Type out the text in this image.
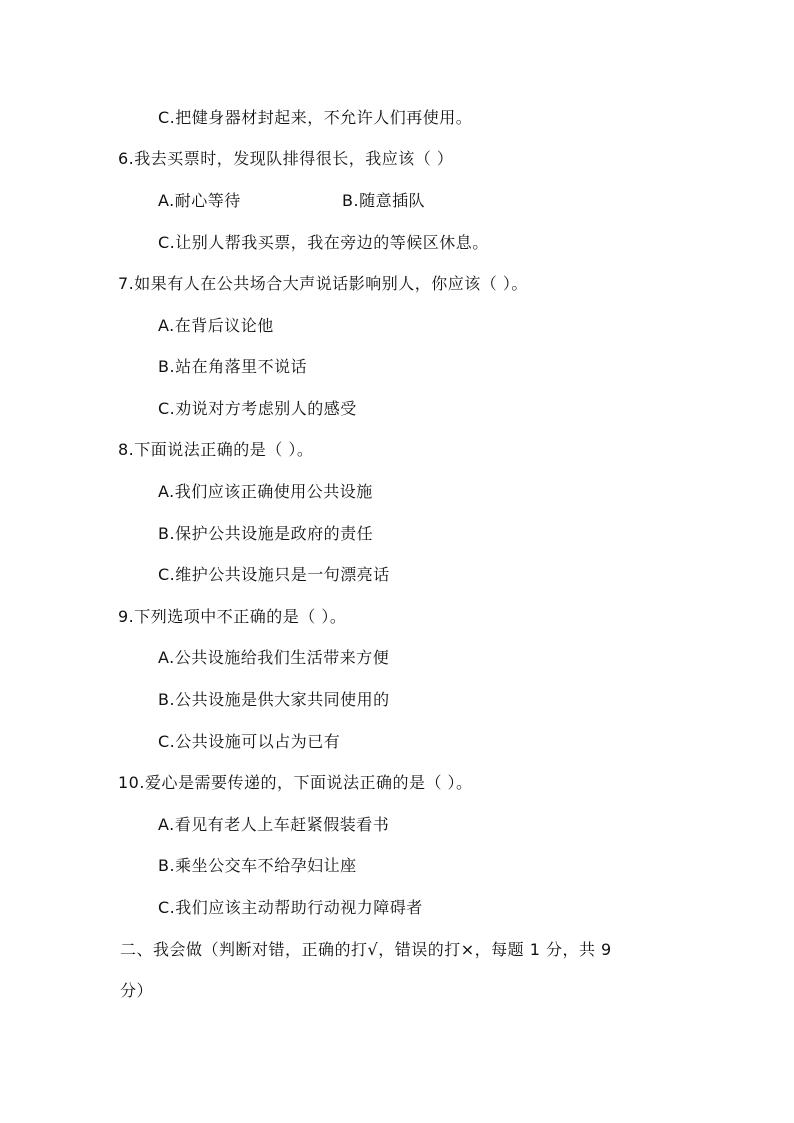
C.把健身器材封起来，不允许人们再使用。
6.我去买票时，发现队排得很长，我应该（ ）
A.耐心等待	B.随意插队
C.让别人帮我买票，我在旁边的等候区休息。
7.如果有人在公共场合大声说话影响别人，你应该（ ）。
A.在背后议论他
B.站在角落里不说话
C.劝说对方考虑别人的感受
8.下面说法正确的是（ ）。
A.我们应该正确使用公共设施
B.保护公共设施是政府的责任
C.维护公共设施只是一句漂亮话
9.下列选项中不正确的是（ ）。
A.公共设施给我们生活带来方便
B.公共设施是供大家共同使用的
C.公共设施可以占为已有
10.爱心是需要传递的，下面说法正确的是（ ）。
A.看见有老人上车赶紧假装看书
B.乘坐公交车不给孕妇让座
C.我们应该主动帮助行动视力障碍者
二、我会做（判断对错，正确的打√，错误的打×，每题 1 分，共 9
分）
